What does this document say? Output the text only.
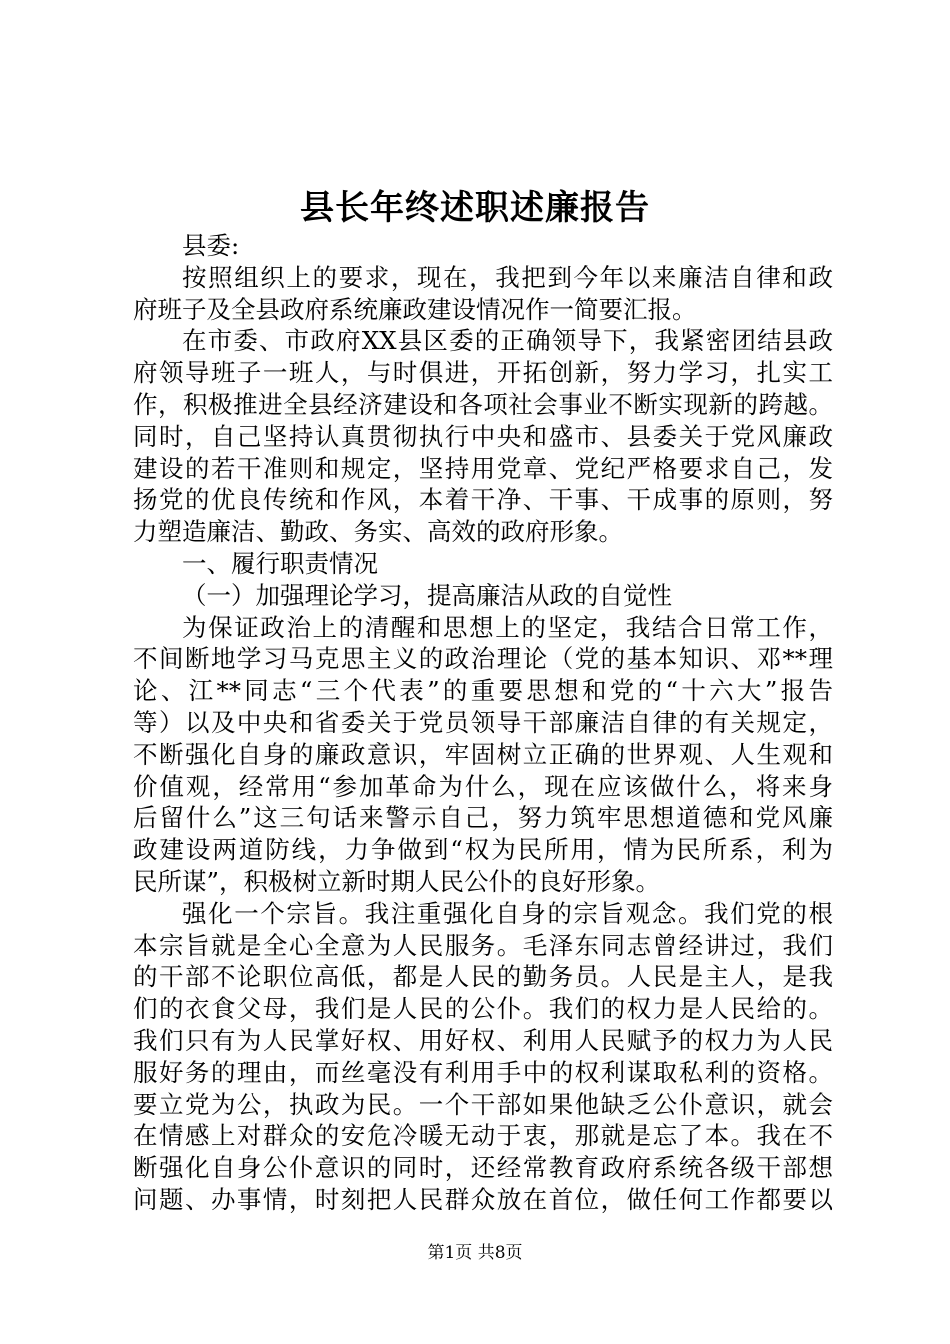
县长年终述职述廉报告
县委:
按照组织上的要求，现在，我把到今年以来廉洁自律和政
府班子及全县政府系统廉政建设情况作一简要汇报。
在市委、市政府XX县区委的正确领导下，我紧密团结县政
府领导班子一班人，与时俱进，开拓创新，努力学习，扎实工
作，积极推进全县经济建设和各项社会事业不断实现新的跨越。
同时，自己坚持认真贯彻执行中央和盛市、县委关于党风廉政
建设的若干准则和规定，坚持用党章、党纪严格要求自己，发
扬党的优良传统和作风，本着干净、干事、干成事的原则，努
力塑造廉洁、勤政、务实、高效的政府形象。
一、履行职责情况
（一）加强理论学习，提高廉洁从政的自觉性
为保证政治上的清醒和思想上的坚定，我结合日常工作，
不间断地学习马克思主义的政治理论（党的基本知识、邓**理
论、江**同志“三个代表”的重要思想和党的“十六大”报告
等）以及中央和省委关于党员领导干部廉洁自律的有关规定，
不断强化自身的廉政意识，牢固树立正确的世界观、人生观和
价值观，经常用“参加革命为什么，现在应该做什么，将来身
后留什么”这三句话来警示自己，努力筑牢思想道德和党风廉
政建设两道防线，力争做到“权为民所用，情为民所系，利为
民所谋”，积极树立新时期人民公仆的良好形象。
强化一个宗旨。我注重强化自身的宗旨观念。我们党的根
本宗旨就是全心全意为人民服务。毛泽东同志曾经讲过，我们
的干部不论职位高低，都是人民的勤务员。人民是主人，是我
们的衣食父母，我们是人民的公仆。我们的权力是人民给的。
我们只有为人民掌好权、用好权、利用人民赋予的权力为人民
服好务的理由，而丝毫没有利用手中的权利谋取私利的资格。
要立党为公，执政为民。一个干部如果他缺乏公仆意识，就会
在情感上对群众的安危冷暖无动于衷，那就是忘了本。我在不
断强化自身公仆意识的同时，还经常教育政府系统各级干部想
问题、办事情，时刻把人民群众放在首位，做任何工作都要以
第1页 共8页
